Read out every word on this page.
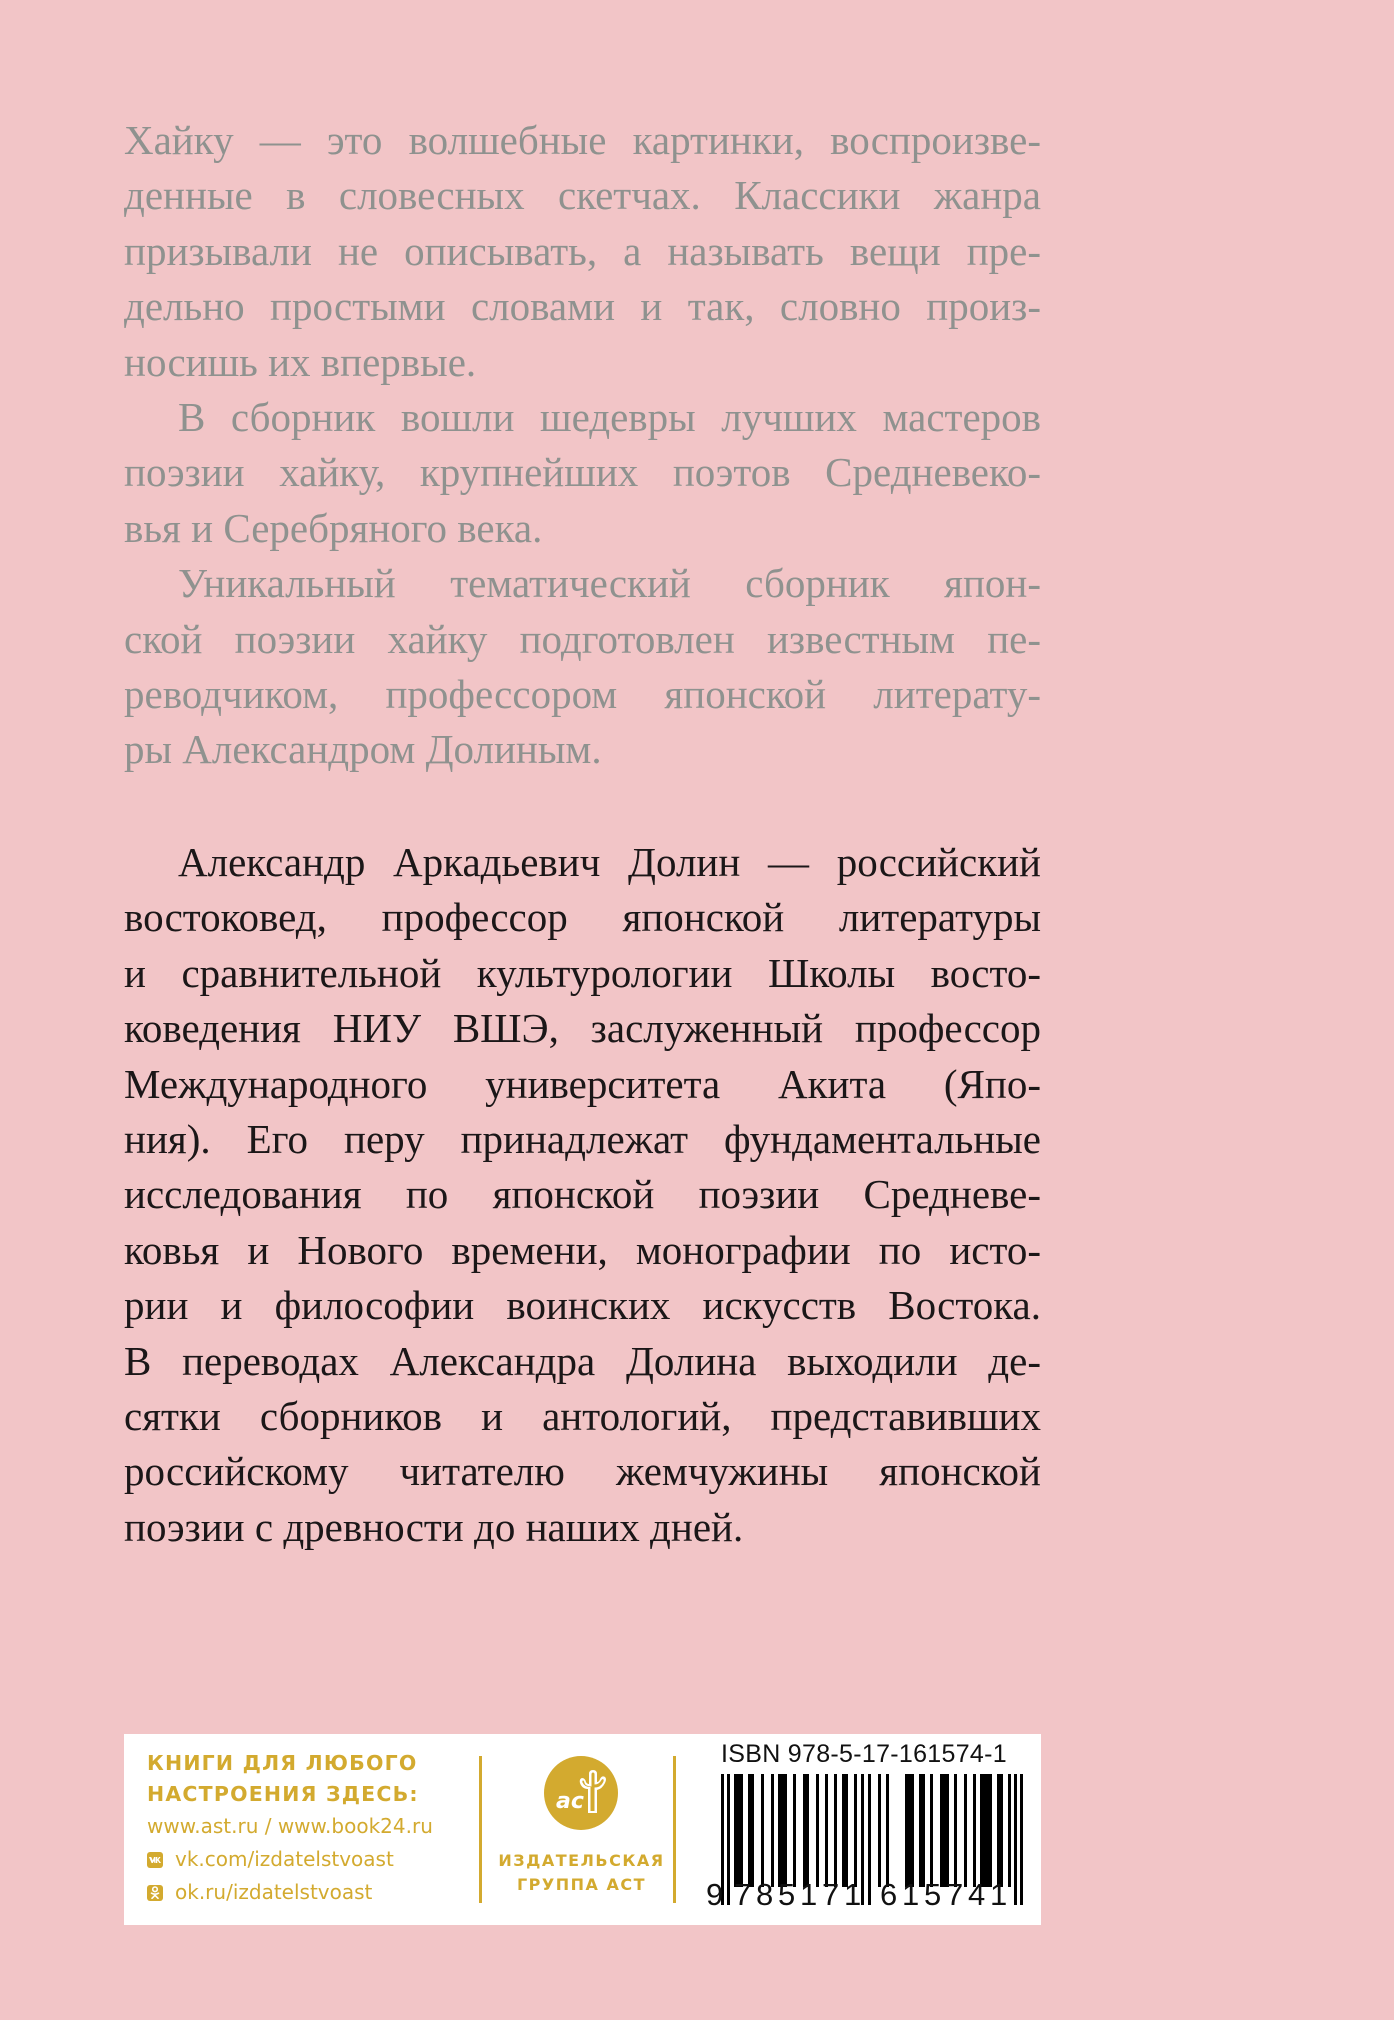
Хайку — это волшебные картинки, воспроизве-
денные в словесных скетчах. Классики жанра
призывали не описывать, а называть вещи пре-
дельно простыми словами и так, словно произ-
носишь их впервые.
В сборник вошли шедевры лучших мастеров
поэзии хайку, крупнейших поэтов Средневеко-
вья и Серебряного века.
Уникальный тематический сборник япон-
ской поэзии хайку подготовлен известным пе-
реводчиком, профессором японской литерату-
ры Александром Долиным.
Александр Аркадьевич Долин — российский
востоковед, профессор японской литературы
и сравнительной культурологии Школы восто-
коведения НИУ ВШЭ, заслуженный профессор
Международного университета Акита (Япо-
ния). Его перу принадлежат фундаментальные
исследования по японской поэзии Средневе-
ковья и Нового времени, монографии по исто-
рии и философии воинских искусств Востока.
В переводах Александра Долина выходили де-
сятки сборников и антологий, представивших
российскому читателю жемчужины японской
поэзии с древности до наших дней.
КНИГИ ДЛЯ ЛЮБОГО
НАСТРОЕНИЯ ЗДЕСЬ:
www.ast.ru / www.book24.ru
vk.com/izdatelstvoast
ok.ru/izdatelstvoast
ac
ИЗДАТЕЛЬСКАЯ
ГРУППА АСТ
ISBN 978-5-17-161574-1
9 7 8 5 1 7 1 6 1 5 7 4 1
